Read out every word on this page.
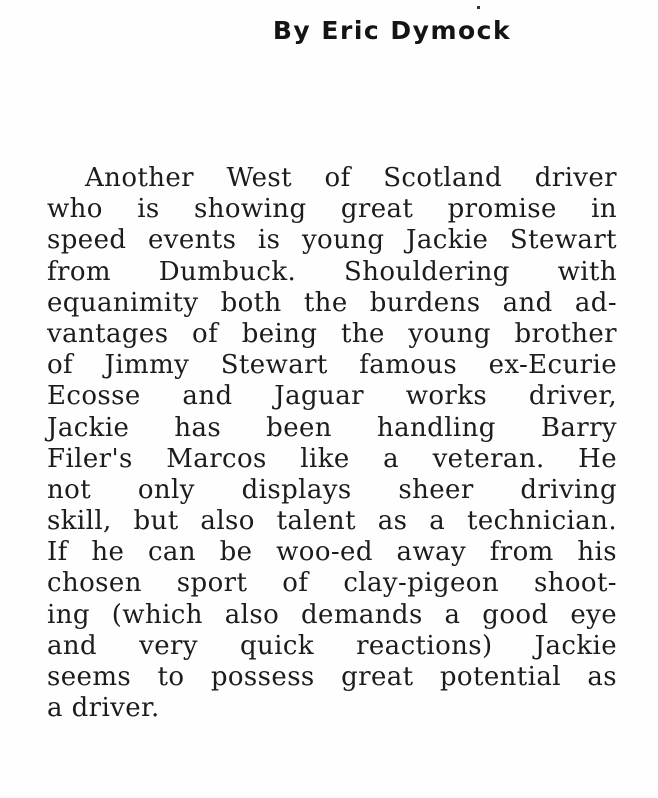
By Eric Dymock

Another West of Scotland driver
who is showing great promise in
speed events is young Jackie Stewart
from Dumbuck. Shouldering with
equanimity both the burdens and ad-
vantages of being the young brother
of Jimmy Stewart famous ex-Ecurie
Ecosse and Jaguar works driver,
Jackie has been handling Barry
Filer's Marcos like a veteran. He
not only displays sheer driving
skill, but also talent as a technician.
If he can be woo-ed away from his
chosen sport of clay-pigeon shoot-
ing (which also demands a good eye
and very quick reactions) Jackie
seems to possess great potential as
a driver.
